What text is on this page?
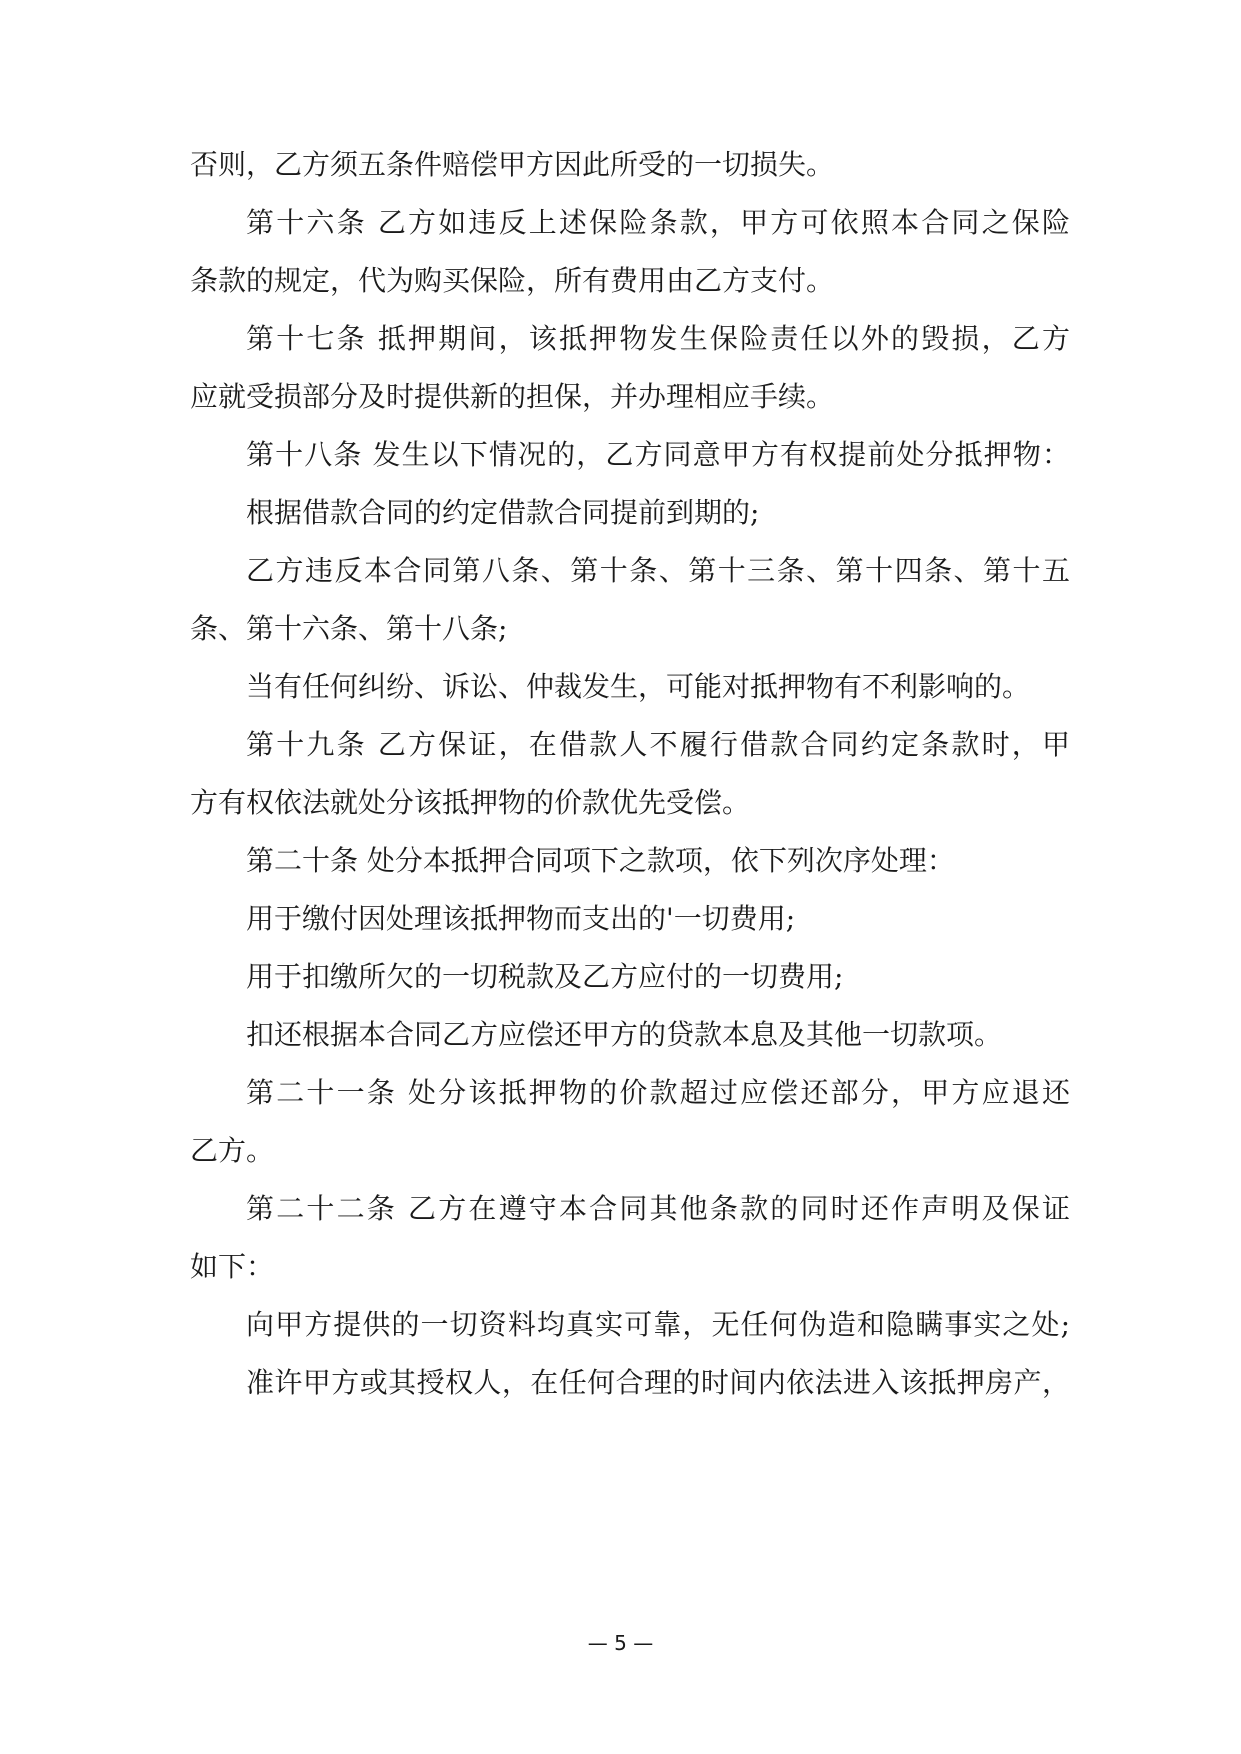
否则，乙方须五条件赔偿甲方因此所受的一切损失。
第十六条 乙方如违反上述保险条款，甲方可依照本合同之保险
条款的规定，代为购买保险，所有费用由乙方支付。
第十七条 抵押期间，该抵押物发生保险责任以外的毁损，乙方
应就受损部分及时提供新的担保，并办理相应手续。
第十八条 发生以下情况的，乙方同意甲方有权提前处分抵押物：
根据借款合同的约定借款合同提前到期的;
乙方违反本合同第八条、第十条、第十三条、第十四条、第十五
条、第十六条、第十八条;
当有任何纠纷、诉讼、仲裁发生，可能对抵押物有不利影响的。
第十九条 乙方保证，在借款人不履行借款合同约定条款时，甲
方有权依法就处分该抵押物的价款优先受偿。
第二十条 处分本抵押合同项下之款项，依下列次序处理：
用于缴付因处理该抵押物而支出的'一切费用;
用于扣缴所欠的一切税款及乙方应付的一切费用;
扣还根据本合同乙方应偿还甲方的贷款本息及其他一切款项。
第二十一条 处分该抵押物的价款超过应偿还部分，甲方应退还
乙方。
第二十二条 乙方在遵守本合同其他条款的同时还作声明及保证
如下：
向甲方提供的一切资料均真实可靠，无任何伪造和隐瞒事实之处;
准许甲方或其授权人，在任何合理的时间内依法进入该抵押房产，
— 5 —
